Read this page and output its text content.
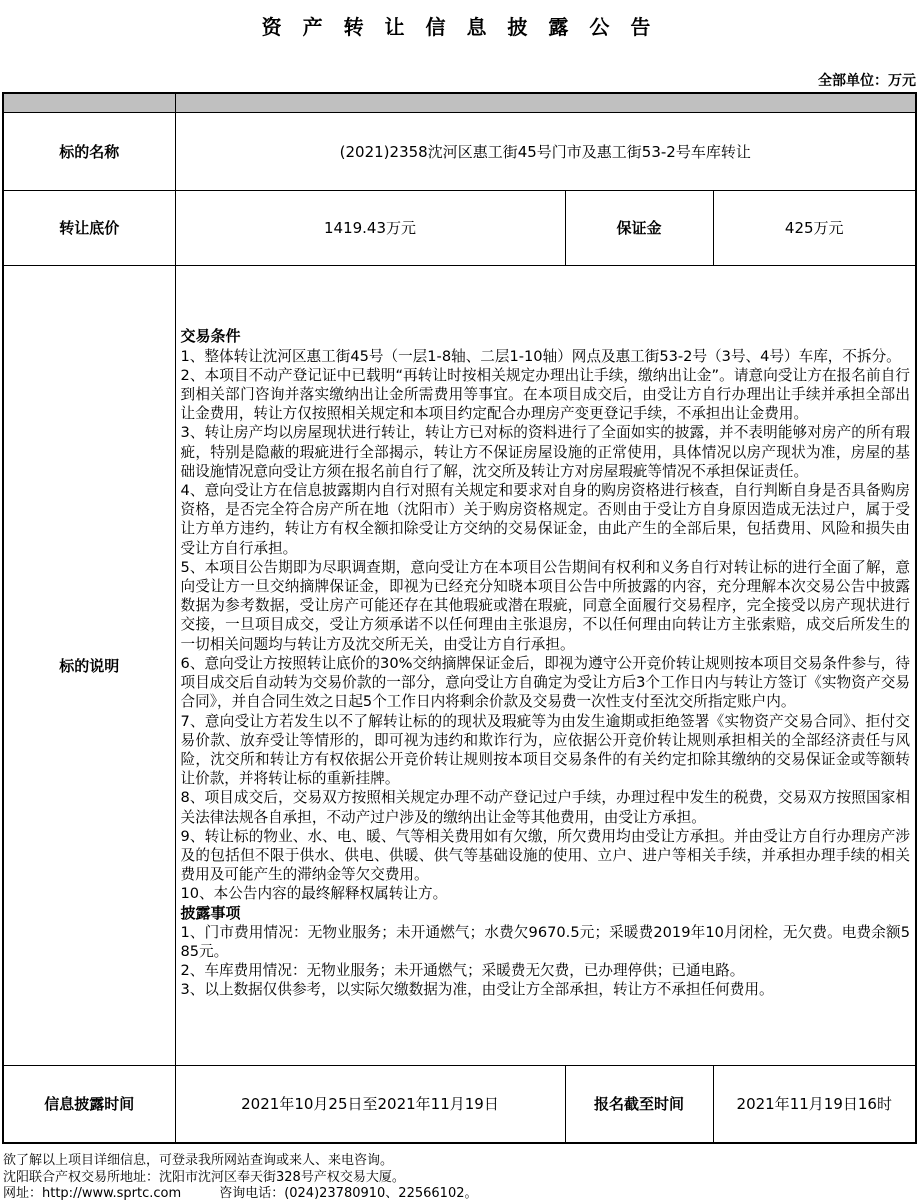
资 产 转 让 信 息 披 露 公 告
全部单位：万元

标的名称	(2021)2358沈河区惠工街45号门市及惠工街53-2号车库转让		
转让底价	1419.43万元	保证金	425万元
标的说明	
交易条件
1、整体转让沈河区惠工街45号（一层1-8轴、二层1-10轴）网点及惠工街53-2号（3号、4号）车库，不拆分。
2、本项目不动产登记证中已载明“再转让时按相关规定办理出让手续，缴纳出让金”。请意向受让方在报名前自行到相关部门咨询并落实缴纳出让金所需费用等事宜。在本项目成交后，由受让方自行办理出让手续并承担全部出让金费用，转让方仅按照相关规定和本项目约定配合办理房产变更登记手续，不承担出让金费用。
3、转让房产均以房屋现状进行转让，转让方已对标的资料进行了全面如实的披露，并不表明能够对房产的所有瑕疵，特别是隐蔽的瑕疵进行全部揭示，转让方不保证房屋设施的正常使用，具体情况以房产现状为准，房屋的基础设施情况意向受让方须在报名前自行了解，沈交所及转让方对房屋瑕疵等情况不承担保证责任。
4、意向受让方在信息披露期内自行对照有关规定和要求对自身的购房资格进行核查，自行判断自身是否具备购房资格，是否完全符合房产所在地（沈阳市）关于购房资格规定。否则由于受让方自身原因造成无法过户，属于受让方单方违约，转让方有权全额扣除受让方交纳的交易保证金，由此产生的全部后果，包括费用、风险和损失由受让方自行承担。
5、本项目公告期即为尽职调查期，意向受让方在本项目公告期间有权利和义务自行对转让标的进行全面了解，意向受让方一旦交纳摘牌保证金，即视为已经充分知晓本项目公告中所披露的内容，充分理解本次交易公告中披露数据为参考数据，受让房产可能还存在其他瑕疵或潜在瑕疵，同意全面履行交易程序，完全接受以房产现状进行交接，一旦项目成交，受让方须承诺不以任何理由主张退房，不以任何理由向转让方主张索赔，成交后所发生的一切相关问题均与转让方及沈交所无关，由受让方自行承担。
6、意向受让方按照转让底价的30%交纳摘牌保证金后，即视为遵守公开竞价转让规则按本项目交易条件参与，待项目成交后自动转为交易价款的一部分，意向受让方自确定为受让方后3个工作日内与转让方签订《实物资产交易合同》，并自合同生效之日起5个工作日内将剩余价款及交易费一次性支付至沈交所指定账户内。
7、意向受让方若发生以不了解转让标的的现状及瑕疵等为由发生逾期或拒绝签署《实物资产交易合同》、拒付交易价款、放弃受让等情形的，即可视为违约和欺诈行为，应依据公开竞价转让规则承担相关的全部经济责任与风险，沈交所和转让方有权依据公开竞价转让规则按本项目交易条件的有关约定扣除其缴纳的交易保证金或等额转让价款，并将转让标的重新挂牌。
8、项目成交后，交易双方按照相关规定办理不动产登记过户手续，办理过程中发生的税费，交易双方按照国家相关法律法规各自承担，不动产过户涉及的缴纳出让金等其他费用，由受让方承担。
9、转让标的物业、水、电、暖、气等相关费用如有欠缴，所欠费用均由受让方承担。并由受让方自行办理房产涉及的包括但不限于供水、供电、供暖、供气等基础设施的使用、立户、进户等相关手续，并承担办理手续的相关费用及可能产生的滞纳金等欠交费用。
10、本公告内容的最终解释权属转让方。
披露事项
1、门市费用情况：无物业服务；未开通燃气；水费欠9670.5元；采暖费2019年10月闭栓，无欠费。电费余额585元。
2、车库费用情况：无物业服务；未开通燃气；采暖费无欠费，已办理停供；已通电路。
3、以上数据仅供参考，以实际欠缴数据为准，由受让方全部承担，转让方不承担任何费用。

信息披露时间	2021年10月25日至2021年11月19日	报名截至时间	2021年11月19日16时
欲了解以上项目详细信息，可登录我所网站查询或来人、来电咨询。
沈阳联合产权交易所地址：沈阳市沈河区奉天街328号产权交易大厦。
网址：http://www.sprtc.com	咨询电话：(024)23780910、22566102。
